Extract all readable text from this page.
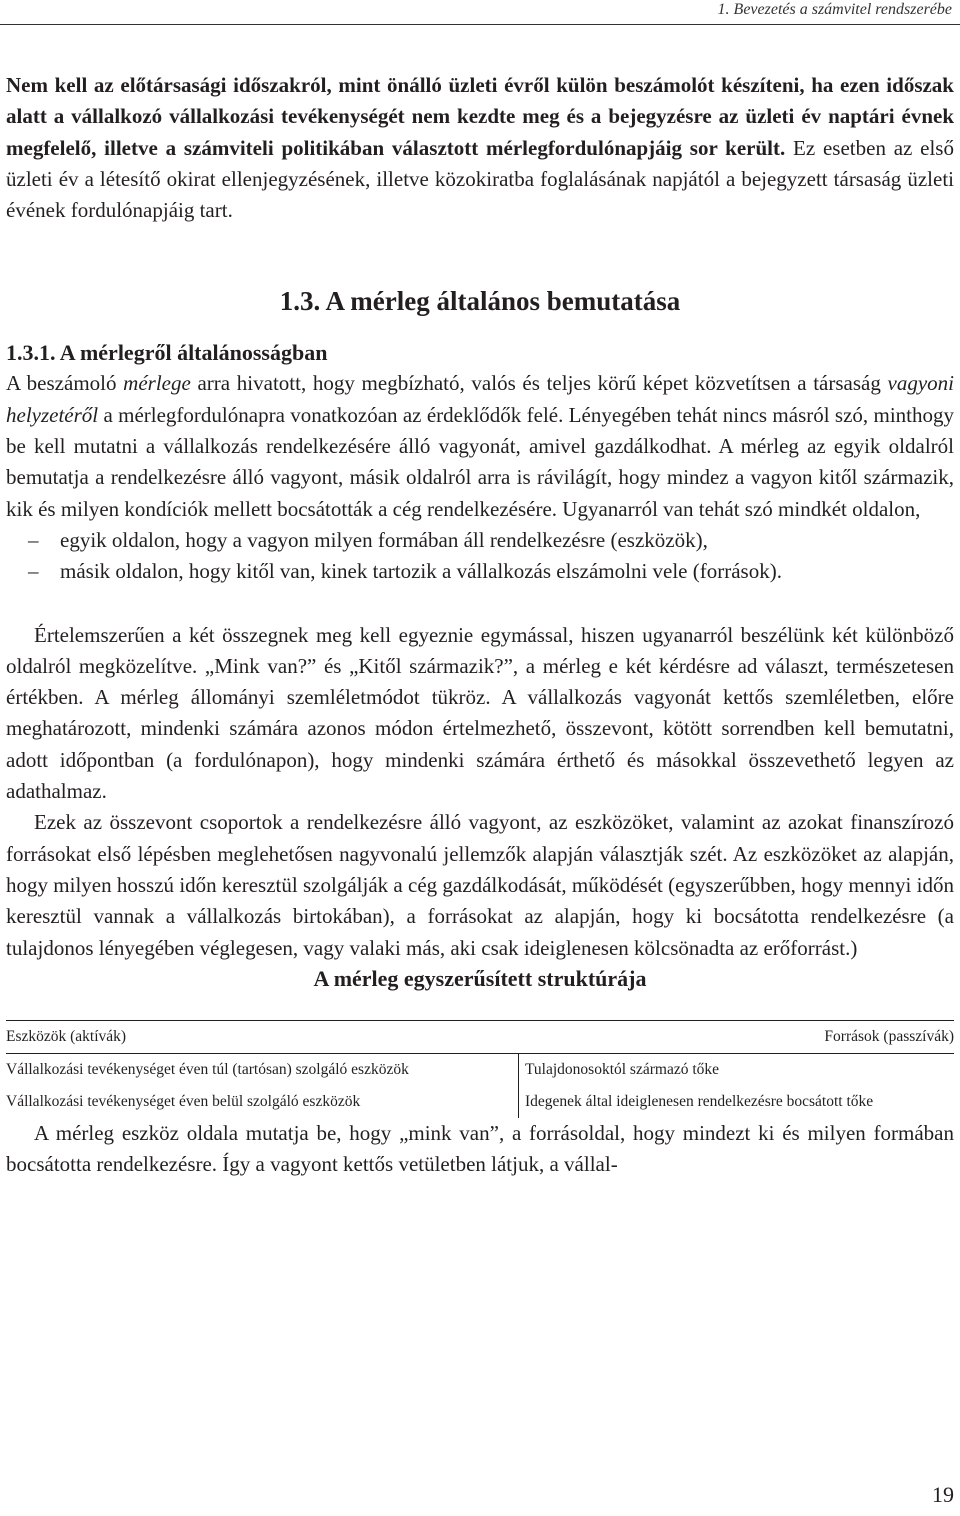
1. Bevezetés a számvitel rendszerébe

Nem kell az előtársasági időszakról, mint önálló üzleti évről külön beszámolót készíteni, ha ezen időszak alatt a vállalkozó vállalkozási tevékenységét nem kezdte meg és a bejegyzésre az üzleti év naptári évnek megfelelő, illetve a számviteli politikában választott mérlegfordulónapjáig sor került. Ez esetben az első üzleti év a létesítő okirat ellenjegyzésének, illetve közokiratba foglalásának napjától a bejegyzett társaság üzleti évének fordulónapjáig tart.

1.3. A mérleg általános bemutatása

1.3.1. A mérlegről általánosságban

A beszámoló mérlege arra hivatott, hogy megbízható, valós és teljes körű képet közvetítsen a társaság vagyoni helyzetéről a mérlegfordulónapra vonatkozóan az érdeklődők felé. Lényegében tehát nincs másról szó, minthogy be kell mutatni a vállalkozás rendelkezésére álló vagyonát, amivel gazdálkodhat. A mérleg az egyik oldalról bemutatja a rendelkezésre álló vagyont, másik oldalról arra is rávilágít, hogy mindez a vagyon kitől származik, kik és milyen kondíciók mellett bocsátották a cég rendelkezésére. Ugyanarról van tehát szó mindkét oldalon,

– egyik oldalon, hogy a vagyon milyen formában áll rendelkezésre (eszközök),
– másik oldalon, hogy kitől van, kinek tartozik a vállalkozás elszámolni vele (források).

Értelemszerűen a két összegnek meg kell egyeznie egymással, hiszen ugyanarról beszélünk két különböző oldalról megközelítve. „Mink van?” és „Kitől származik?”, a mérleg e két kérdésre ad választ, természetesen értékben. A mérleg állományi szemléletmódot tükröz. A vállalkozás vagyonát kettős szemléletben, előre meghatározott, mindenki számára azonos módon értelmezhető, összevont, kötött sorrendben kell bemutatni, adott időpontban (a fordulónapon), hogy mindenki számára érthető és másokkal összevethető legyen az adathalmaz.

Ezek az összevont csoportok a rendelkezésre álló vagyont, az eszközöket, valamint az azokat finanszírozó forrásokat első lépésben meglehetősen nagyvonalú jellemzők alapján választják szét. Az eszközöket az alapján, hogy milyen hosszú időn keresztül szolgálják a cég gazdálkodását, működését (egyszerűbben, hogy mennyi időn keresztül vannak a vállalkozás birtokában), a forrásokat az alapján, hogy ki bocsátotta rendelkezésre (a tulajdonos lényegében véglegesen, vagy valaki más, aki csak ideiglenesen kölcsönadta az erőforrást.)

A mérleg egyszerűsített struktúrája

Eszközök (aktívák)	Források (passzívák)
Vállalkozási tevékenységet éven túl (tartósan) szolgáló eszközök	Tulajdonosoktól származó tőke
Vállalkozási tevékenységet éven belül szolgáló eszközök	Idegenek által ideiglenesen rendelkezésre bocsátott tőke

A mérleg eszköz oldala mutatja be, hogy „mink van”, a forrásoldal, hogy mindezt ki és milyen formában bocsátotta rendelkezésre. Így a vagyont kettős vetületben látjuk, a vállal-

19
